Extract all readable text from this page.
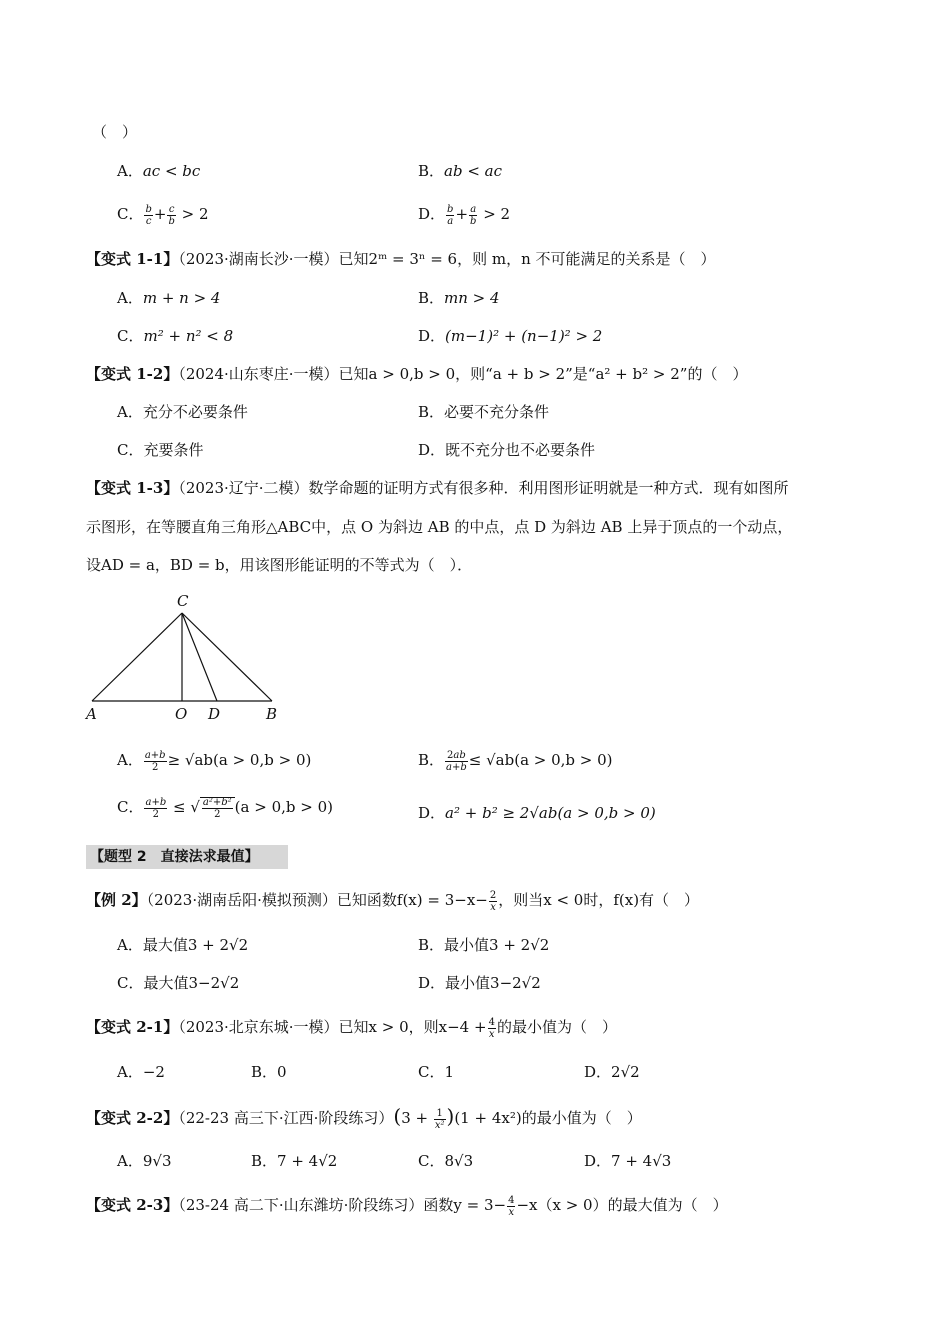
（　）
A．ac < bc	B．ab < ac
C． $\frac{b}{c} + \frac{c}{b} > 2$	D． $\frac{b}{a} + \frac{a}{b} > 2$
【变式 1-1】（2023·湖南长沙·一模）已知2ᵐ = 3ⁿ = 6，则 m，n 不可能满足的关系是（　）
A．m + n > 4	B．mn > 4
C．m² + n² < 8	D．(m−1)² + (n−1)² > 2
【变式 1-2】（2024·山东枣庄·一模）已知a > 0,b > 0，则“a + b > 2”是“a² + b² > 2”的（　）
A．充分不必要条件	B．必要不充分条件
C．充要条件	D．既不充分也不必要条件
【变式 1-3】（2023·辽宁·二模）数学命题的证明方式有很多种．利用图形证明就是一种方式．现有如图所
示图形，在等腰直角三角形△ABC中，点 O 为斜边 AB 的中点，点 D 为斜边 AB 上异于顶点的一个动点，
设AD = a，BD = b，用该图形能证明的不等式为（　）．
C
A	O D	B
A． $\frac{a+b}{2} \ge √ab(a > 0,b > 0)$	B． $\frac{2ab}{a+b} \le √ab(a > 0,b > 0)$
C． $\frac{a+b}{2}$ ≤ √ $\frac{\text{a²+b²}}{2} (a > 0,b > 0)$	D．a² + b² ≥ 2√ab(a > 0,b > 0)
【题型 2　直接法求最值】
【例 2】（2023·湖南岳阳·模拟预测）已知函数$f(x) = 3-x- \frac{2}{x}$ ，则当x < 0时，f(x)有（　）
A．最大值3 + 2√2	B．最小值3 + 2√2
C．最大值3−2√2	D．最小值3−2√2
【变式 2-1】（2023·北京东城·一模）已知x > 0，则$x-4 + \frac{4}{x}$ 的最小值为（　）
A．−2	B．0	C．1	D．2√2
【变式 2-2】（22-23 高三下·江西·阶段练习）$(3 + \frac{1}{\text{x²}} )(1 + 4x^2)$的最小值为（　）
A．9√3	B．7 + 4√2	C．8√3	D．7 + 4√3
【变式 2-3】（23-24 高二下·山东潍坊·阶段练习）函数$y = 3- \frac{4}{x} -x(x > 0)$的最大值为（　）
